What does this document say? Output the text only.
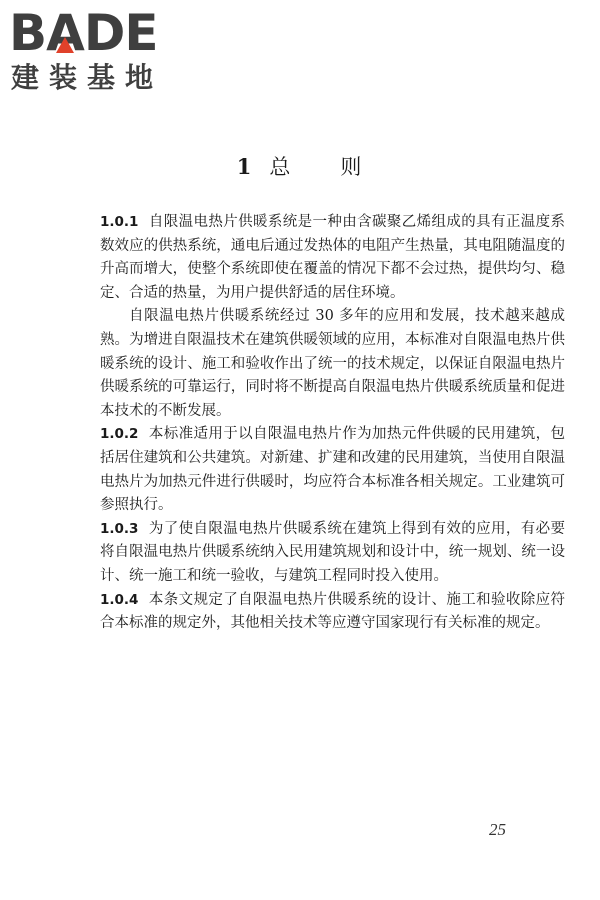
BADE
建装基地
1 总 则

1.0.1 自限温电热片供暖系统是一种由含碳聚乙烯组成的具有正温度系数效应的供热系统，通电后通过发热体的电阻产生热量，其电阻随温度的升高而增大，使整个系统即使在覆盖的情况下都不会过热，提供均匀、稳定、合适的热量，为用户提供舒适的居住环境。

自限温电热片供暖系统经过 30 多年的应用和发展，技术越来越成熟。为增进自限温技术在建筑供暖领域的应用，本标准对自限温电热片供暖系统的设计、施工和验收作出了统一的技术规定，以保证自限温电热片供暖系统的可靠运行，同时将不断提高自限温电热片供暖系统质量和促进本技术的不断发展。

1.0.2 本标准适用于以自限温电热片作为加热元件供暖的民用建筑，包括居住建筑和公共建筑。对新建、扩建和改建的民用建筑，当使用自限温电热片为加热元件进行供暖时，均应符合本标准各相关规定。工业建筑可参照执行。

1.0.3 为了使自限温电热片供暖系统在建筑上得到有效的应用，有必要将自限温电热片供暖系统纳入民用建筑规划和设计中，统一规划、统一设计、统一施工和统一验收，与建筑工程同时投入使用。

1.0.4 本条文规定了自限温电热片供暖系统的设计、施工和验收除应符合本标准的规定外，其他相关技术等应遵守国家现行有关标准的规定。

25
